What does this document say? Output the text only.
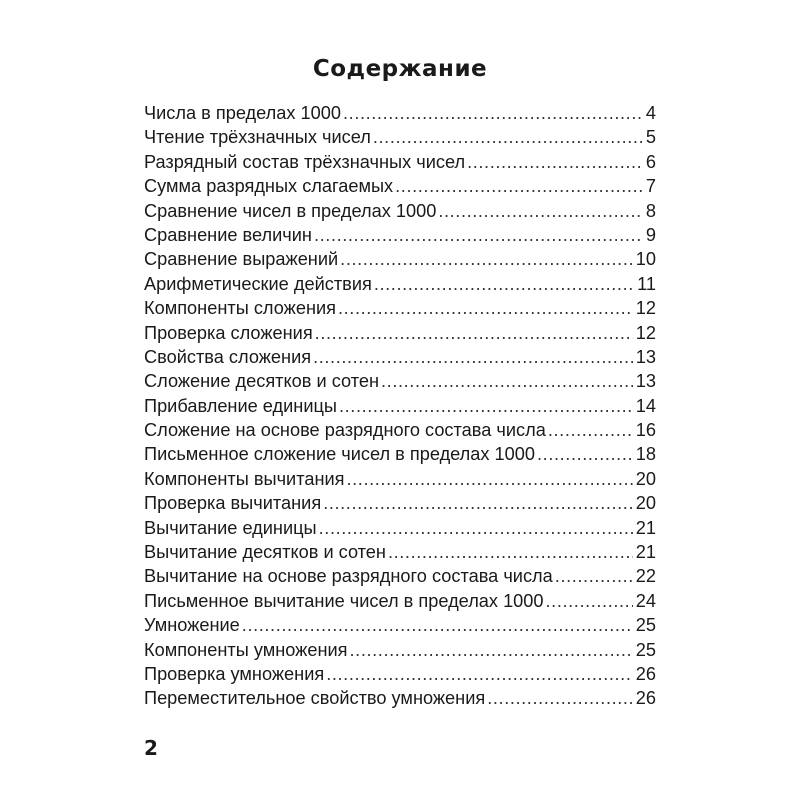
Содержание
Числа в пределах 1000 .....	4
Чтение трёхзначных чисел .....	5
Разрядный состав трёхзначных чисел .....	6
Сумма разрядных слагаемых .....	7
Сравнение чисел в пределах 1000 .....	8
Сравнение величин .....	9
Сравнение выражений .....	10
Арифметические действия .....	11
Компоненты сложения .....	12
Проверка сложения .....	12
Свойства сложения .....	13
Сложение десятков и сотен .....	13
Прибавление единицы .....	14
Сложение на основе разрядного состава числа .....	16
Письменное сложение чисел в пределах 1000 .....	18
Компоненты вычитания .....	20
Проверка вычитания .....	20
Вычитание единицы .....	21
Вычитание десятков и сотен .....	21
Вычитание на основе разрядного состава числа .....	22
Письменное вычитание чисел в пределах 1000 .....	24
Умножение .....	25
Компоненты умножения .....	25
Проверка умножения .....	26
Переместительное свойство умножения .....	26
2
